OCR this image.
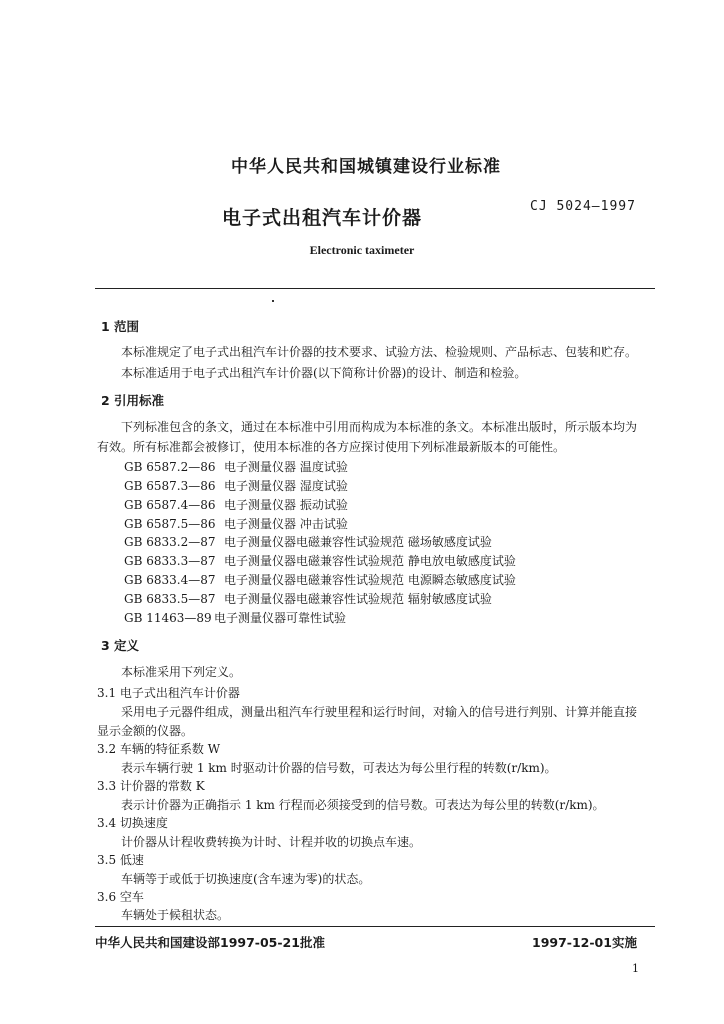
中华人民共和国城镇建设行业标准
电子式出租汽车计价器
CJ 5024—1997
Electronic taximeter
1 范围
本标准规定了电子式出租汽车计价器的技术要求、试验方法、检验规则、产品标志、包装和贮存。
本标准适用于电子式出租汽车计价器(以下简称计价器)的设计、制造和检验。
2 引用标准
下列标准包含的条文，通过在本标准中引用而构成为本标准的条文。本标准出版时，所示版本均为
有效。所有标准都会被修订，使用本标准的各方应探讨使用下列标准最新版本的可能性。
GB 6587.2—86 电子测量仪器 温度试验
GB 6587.3—86 电子测量仪器 湿度试验
GB 6587.4—86 电子测量仪器 振动试验
GB 6587.5—86 电子测量仪器 冲击试验
GB 6833.2—87 电子测量仪器电磁兼容性试验规范 磁场敏感度试验
GB 6833.3—87 电子测量仪器电磁兼容性试验规范 静电放电敏感度试验
GB 6833.4—87 电子测量仪器电磁兼容性试验规范 电源瞬态敏感度试验
GB 6833.5—87 电子测量仪器电磁兼容性试验规范 辐射敏感度试验
GB 11463—89 电子测量仪器可靠性试验
3 定义
本标准采用下列定义。
3.1 电子式出租汽车计价器
采用电子元器件组成，测量出租汽车行驶里程和运行时间，对输入的信号进行判别、计算并能直接
显示金额的仪器。
3.2 车辆的特征系数 W
表示车辆行驶 1 km 时驱动计价器的信号数，可表达为每公里行程的转数(r/km)。
3.3 计价器的常数 K
表示计价器为正确指示 1 km 行程而必须接受到的信号数。可表达为每公里的转数(r/km)。
3.4 切换速度
计价器从计程收费转换为计时、计程并收的切换点车速。
3.5 低速
车辆等于或低于切换速度(含车速为零)的状态。
3.6 空车
车辆处于候租状态。
中华人民共和国建设部1997-05-21批准	1997-12-01实施
1
